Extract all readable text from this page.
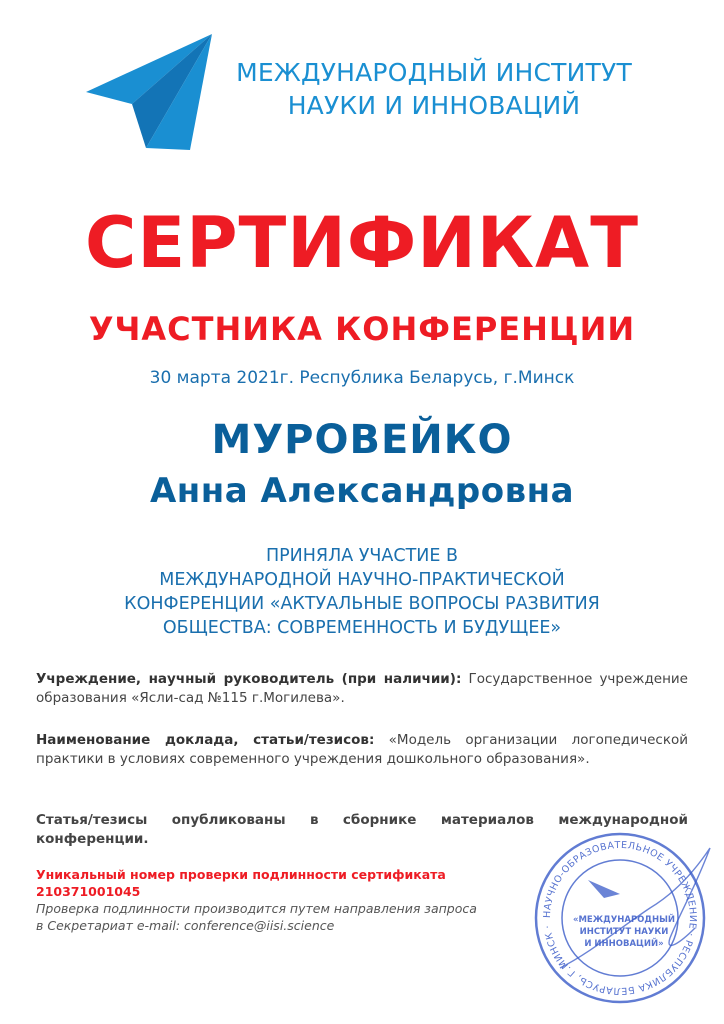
МЕЖДУНАРОДНЫЙ ИНСТИТУТ
НАУКИ И ИННОВАЦИЙ
СЕРТИФИКАТ
УЧАСТНИКА КОНФЕРЕНЦИИ
30 марта 2021г. Республика Беларусь, г.Минск
МУРОВЕЙКО
Анна Александровна
ПРИНЯЛА УЧАСТИЕ В
МЕЖДУНАРОДНОЙ НАУЧНО-ПРАКТИЧЕСКОЙ
КОНФЕРЕНЦИИ «АКТУАЛЬНЫЕ ВОПРОСЫ РАЗВИТИЯ
ОБЩЕСТВА: СОВРЕМЕННОСТЬ И БУДУЩЕЕ»
Учреждение, научный руководитель (при наличии): Государственное учреждение образования «Ясли-сад №115 г.Могилева».
Наименование доклада, статьи/тезисов: «Модель организации логопедической практики в условиях современного учреждения дошкольного образования».
Статья/тезисы опубликованы в сборнике материалов международной конференции.
Уникальный номер проверки подлинности сертификата
210371001045
Проверка подлинности производится путем направления запроса
в Секретариат e-mail: conference@iisi.science
НАУЧНО-ОБРАЗОВАТЕЛЬНОЕ УЧРЕЖДЕНИЕ · РЕСПУБЛИКА БЕЛАРУСЬ, Г.МИНСК ·
«МЕЖДУНАРОДНЫЙ
ИНСТИТУТ НАУКИ
И ИННОВАЦИЙ»
